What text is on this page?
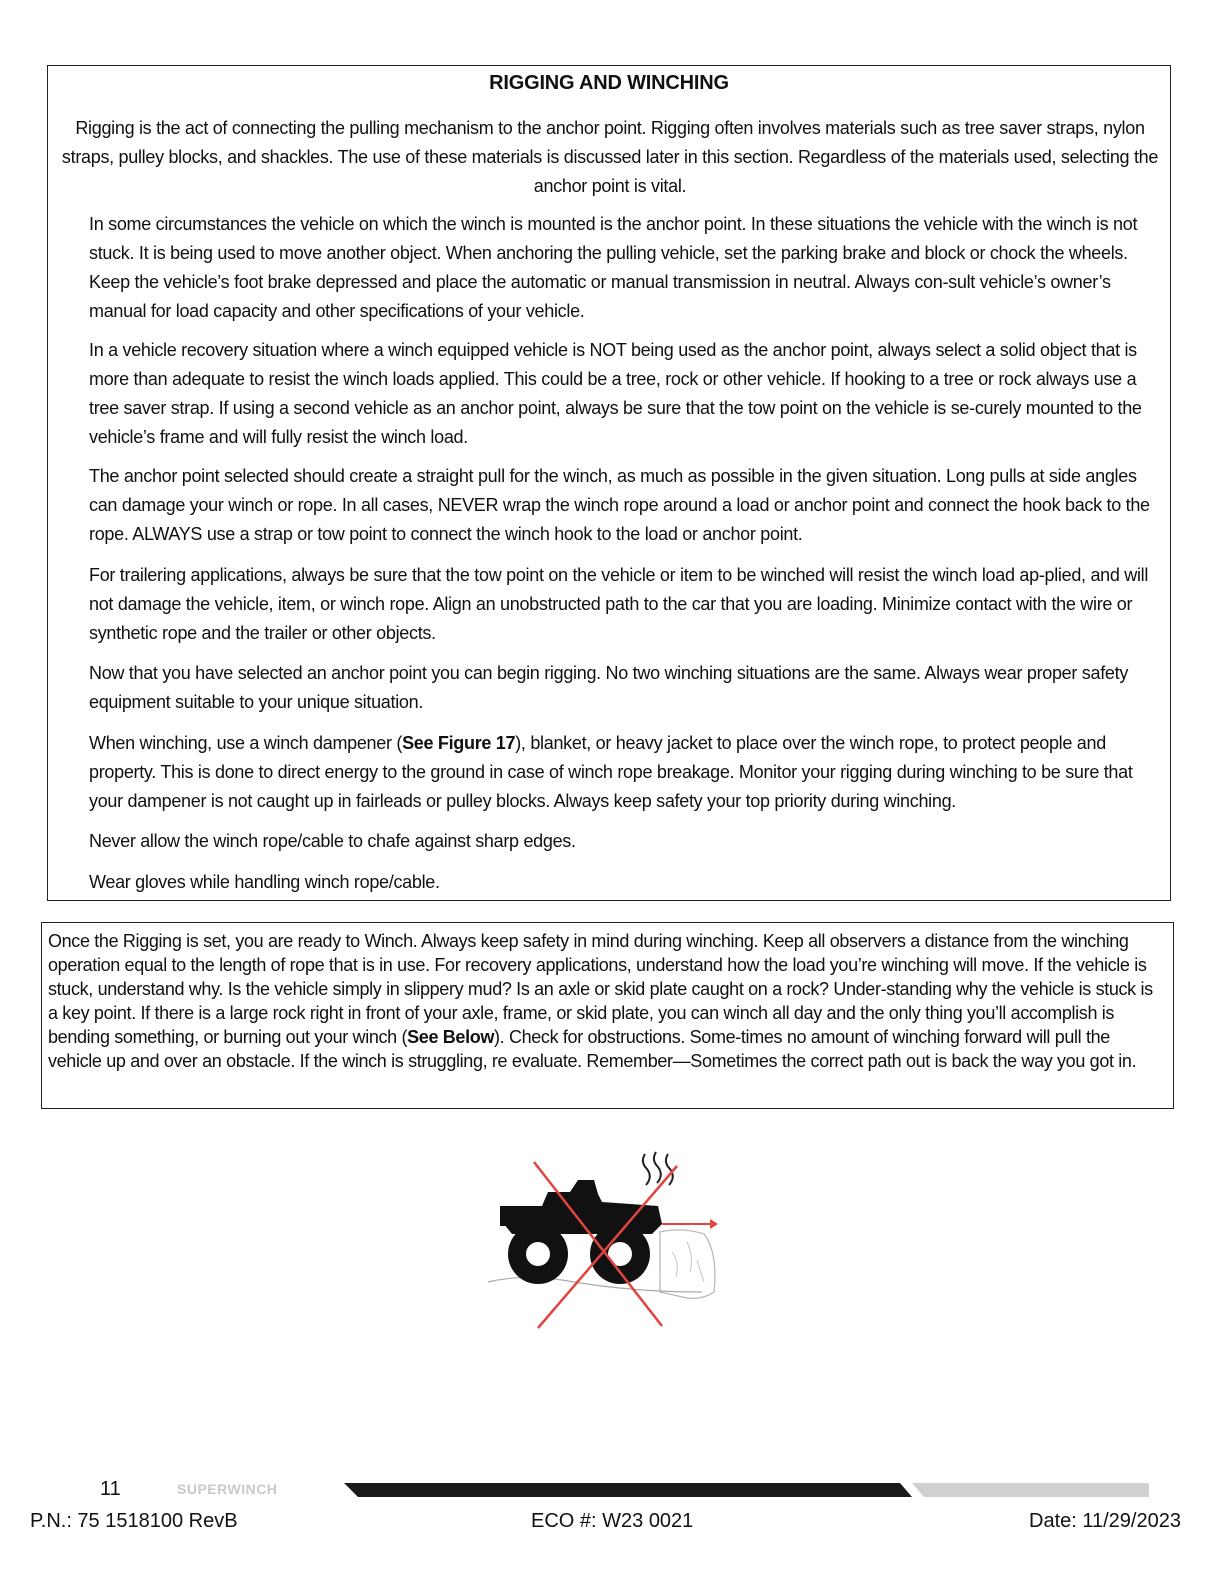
RIGGING AND WINCHING
Rigging is the act of connecting the pulling mechanism to the anchor point. Rigging often involves materials such as tree saver straps, nylon straps, pulley blocks, and shackles. The use of these materials is discussed later in this section. Regardless of the materials used, selecting the anchor point is vital.

In some circumstances the vehicle on which the winch is mounted is the anchor point. In these situations the vehicle with the winch is not stuck. It is being used to move another object. When anchoring the pulling vehicle, set the parking brake and block or chock the wheels. Keep the vehicle’s foot brake depressed and place the automatic or manual transmission in neutral. Always con-sult vehicle’s owner’s manual for load capacity and other specifications of your vehicle.

In a vehicle recovery situation where a winch equipped vehicle is NOT being used as the anchor point, always select a solid object that is more than adequate to resist the winch loads applied. This could be a tree, rock or other vehicle. If hooking to a tree or rock always use a tree saver strap. If using a second vehicle as an anchor point, always be sure that the tow point on the vehicle is se-curely mounted to the vehicle’s frame and will fully resist the winch load.

The anchor point selected should create a straight pull for the winch, as much as possible in the given situation. Long pulls at side angles can damage your winch or rope. In all cases, NEVER wrap the winch rope around a load or anchor point and connect the hook back to the rope. ALWAYS use a strap or tow point to connect the winch hook to the load or anchor point.

For trailering applications, always be sure that the tow point on the vehicle or item to be winched will resist the winch load ap-plied, and will not damage the vehicle, item, or winch rope. Align an unobstructed path to the car that you are loading. Minimize contact with the wire or synthetic rope and the trailer or other objects.

Now that you have selected an anchor point you can begin rigging. No two winching situations are the same. Always wear proper safety equipment suitable to your unique situation.

When winching, use a winch dampener (See Figure 17), blanket, or heavy jacket to place over the winch rope, to protect people and property. This is done to direct energy to the ground in case of winch rope breakage. Monitor your rigging during winching to be sure that your dampener is not caught up in fairleads or pulley blocks. Always keep safety your top priority during winching.

Never allow the winch rope/cable to chafe against sharp edges.

Wear gloves while handling winch rope/cable.

Once the Rigging is set, you are ready to Winch. Always keep safety in mind during winching. Keep all observers a distance from the winching operation equal to the length of rope that is in use. For recovery applications, understand how the load you’re winching will move. If the vehicle is stuck, understand why. Is the vehicle simply in slippery mud? Is an axle or skid plate caught on a rock? Under-standing why the vehicle is stuck is a key point. If there is a large rock right in front of your axle, frame, or skid plate, you can winch all day and the only thing you’ll accomplish is bending something, or burning out your winch (See Below). Check for obstructions. Some-times no amount of winching forward will pull the vehicle up and over an obstacle. If the winch is struggling, re evaluate. Remember—Sometimes the correct path out is back the way you got in.

11	SUPERWINCH
P.N.: 75 1518100 RevB	ECO #: W23 0021	Date: 11/29/2023
